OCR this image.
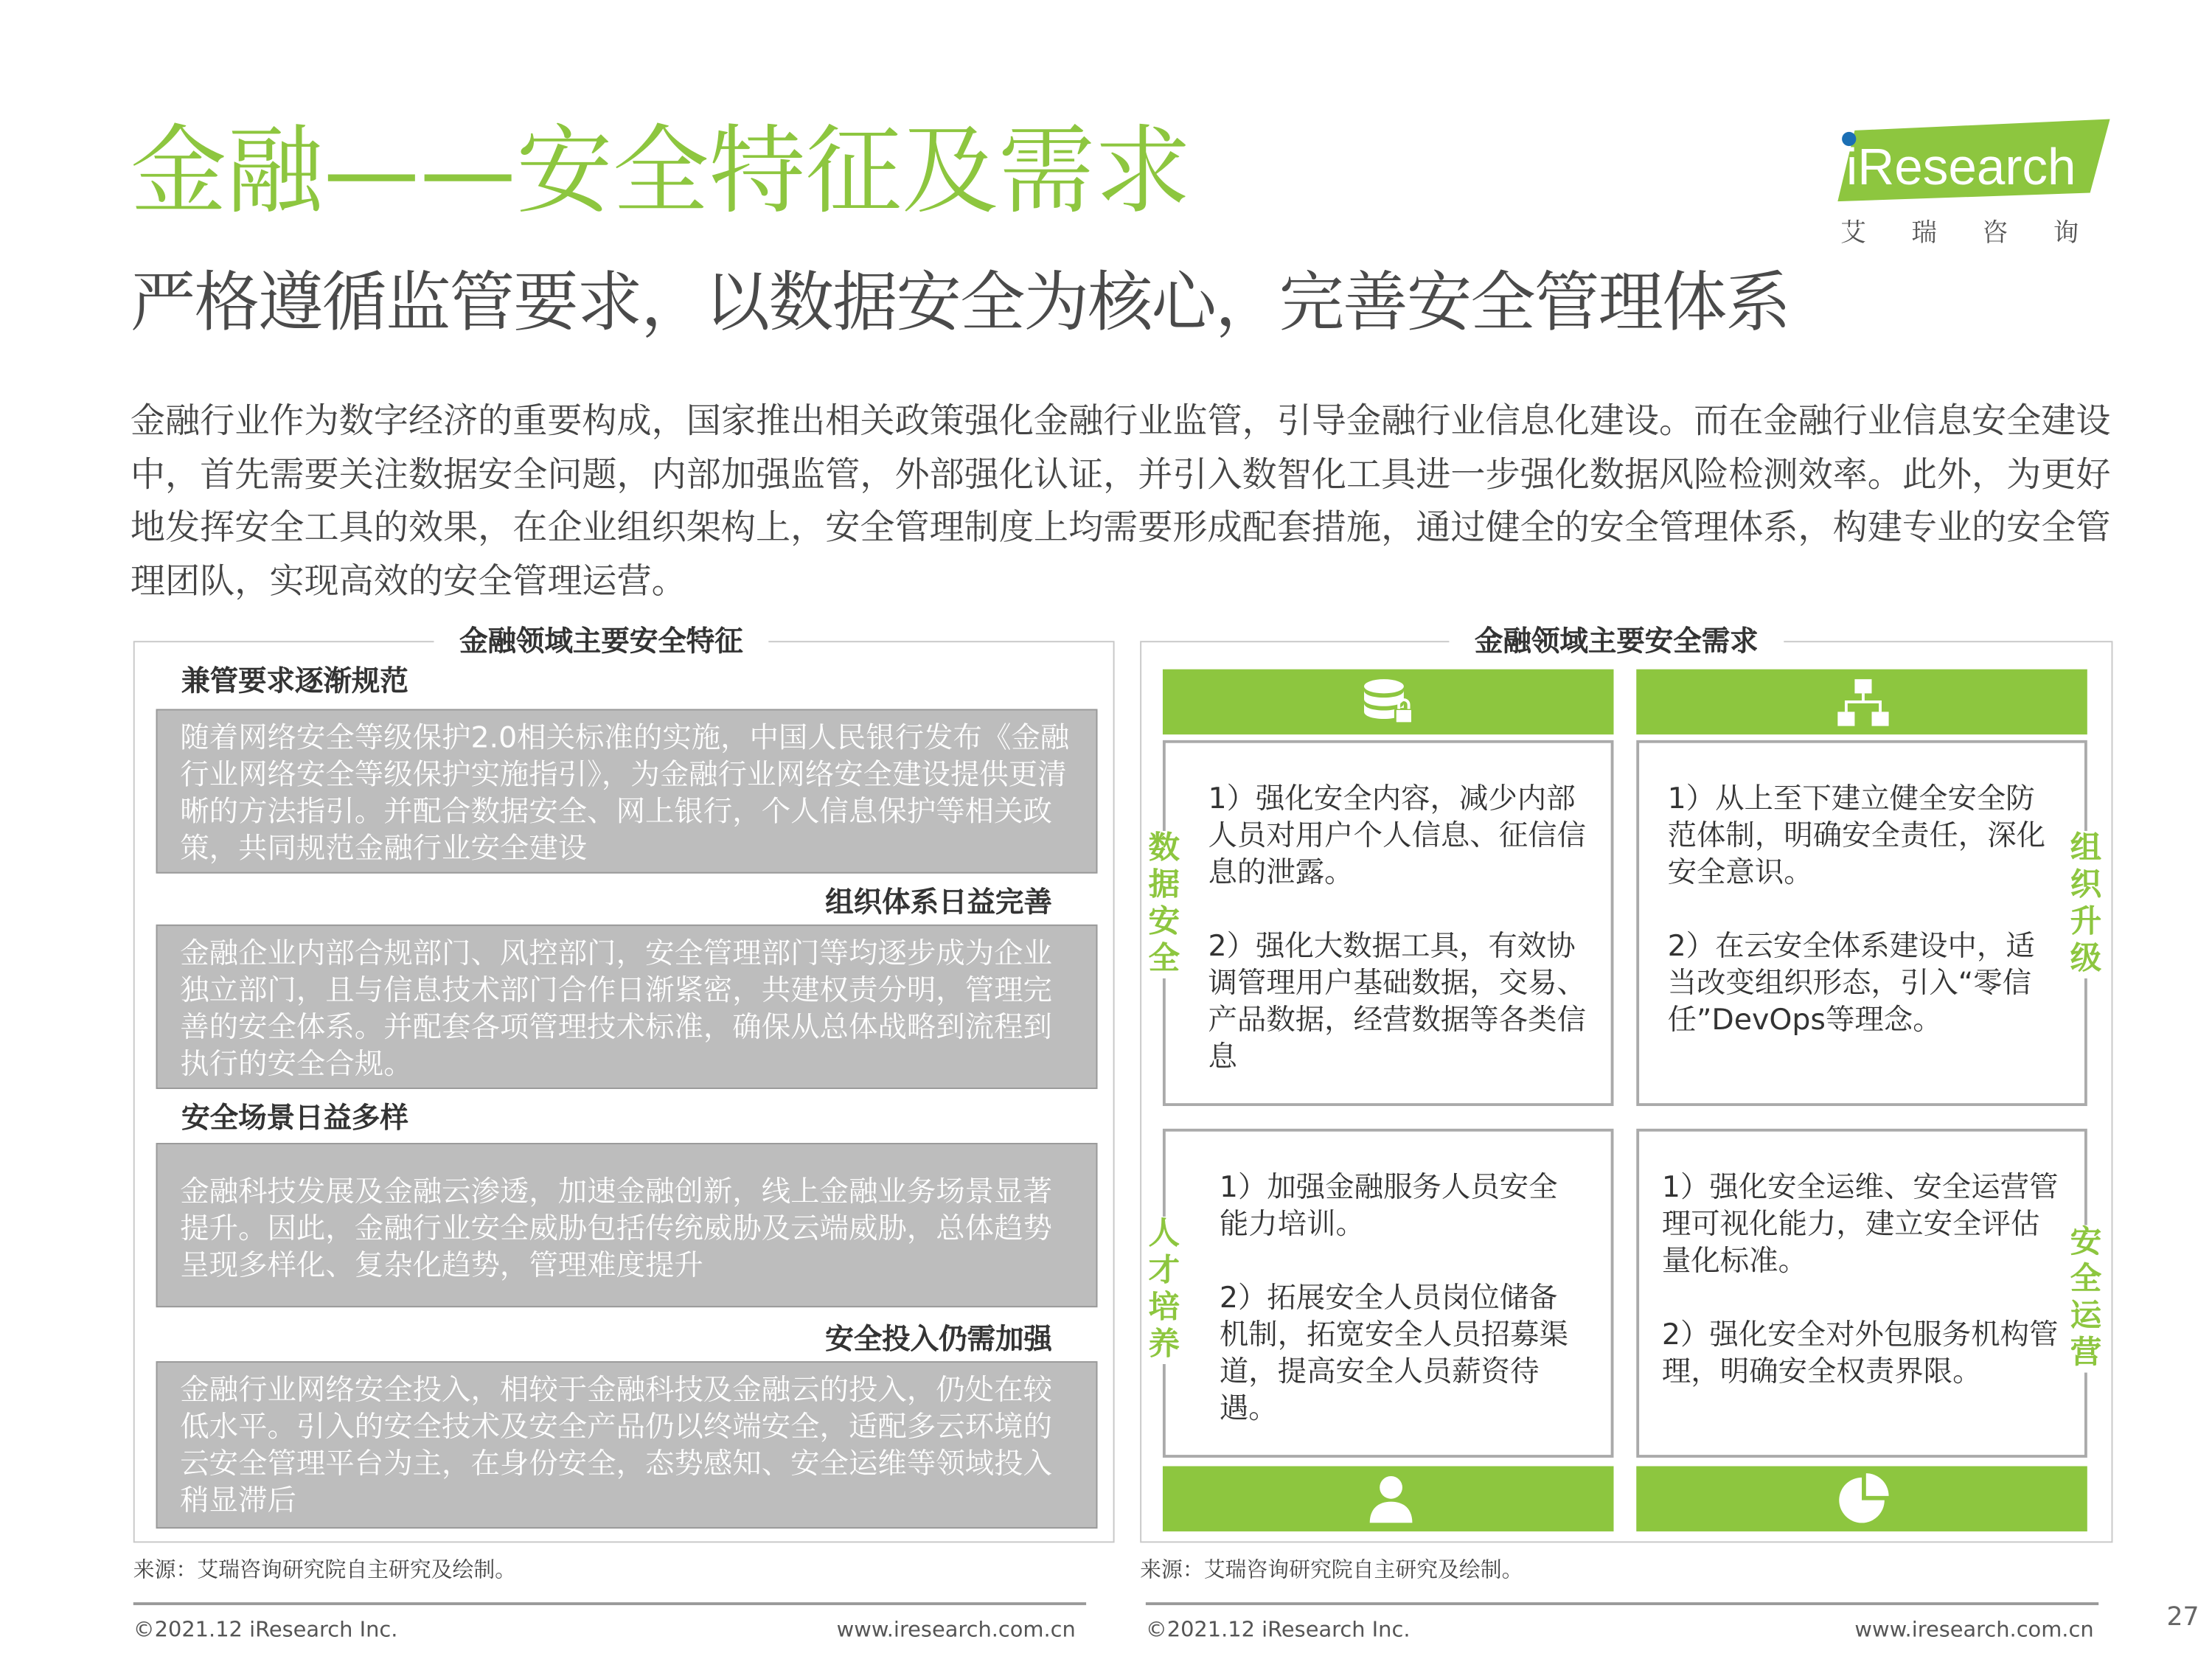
金融——安全特征及需求
严格遵循监管要求，以数据安全为核心，完善安全管理体系
iResearch
艾瑞咨询
金融行业作为数字经济的重要构成，国家推出相关政策强化金融行业监管，引导金融行业信息化建设。而在金融行业信息安全建设中，首先需要关注数据安全问题，内部加强监管，外部强化认证，并引入数智化工具进一步强化数据风险检测效率。此外，为更好地发挥安全工具的效果，在企业组织架构上，安全管理制度上均需要形成配套措施，通过健全的安全管理体系，构建专业的安全管理团队，实现高效的安全管理运营。
金融领域主要安全特征
兼管要求逐渐规范
随着网络安全等级保护2.0相关标准的实施，中国人民银行发布《金融行业网络安全等级保护实施指引》，为金融行业网络安全建设提供更清晰的方法指引。并配合数据安全、网上银行，个人信息保护等相关政策，共同规范金融行业安全建设
组织体系日益完善
金融企业内部合规部门、风控部门，安全管理部门等均逐步成为企业独立部门，且与信息技术部门合作日渐紧密，共建权责分明，管理完善的安全体系。并配套各项管理技术标准，确保从总体战略到流程到执行的安全合规。
安全场景日益多样
金融科技发展及金融云渗透，加速金融创新，线上金融业务场景显著提升。因此，金融行业安全威胁包括传统威胁及云端威胁，总体趋势呈现多样化、复杂化趋势，管理难度提升
安全投入仍需加强
金融行业网络安全投入，相较于金融科技及金融云的投入，仍处在较低水平。引入的安全技术及安全产品仍以终端安全，适配多云环境的云安全管理平台为主，在身份安全，态势感知、安全运维等领域投入稍显滞后
来源：艾瑞咨询研究院自主研究及绘制。
金融领域主要安全需求

1）强化安全内容，减少内部人员对用户个人信息、征信信息的泄露。

2）强化大数据工具，有效协调管理用户基础数据，交易、产品数据，经营数据等各类信息

1）从上至下建立健全安全防范体制，明确安全责任，深化安全意识。

2）在云安全体系建设中，适当改变组织形态，引入“零信任”DevOps等理念。

1）加强金融服务人员安全能力培训。

2）拓展安全人员岗位储备机制，拓宽安全人员招募渠道，提高安全人员薪资待遇。

1）强化安全运维、安全运营管理可视化能力，建立安全评估量化标准。

2）强化安全对外包服务机构管理，明确安全权责界限。

数据安全
组织升级
人才培养
安全运营
来源：艾瑞咨询研究院自主研究及绘制。
©2021.12 iResearch Inc.	www.iresearch.com.cn	©2021.12 iResearch Inc.	www.iresearch.com.cn	27
